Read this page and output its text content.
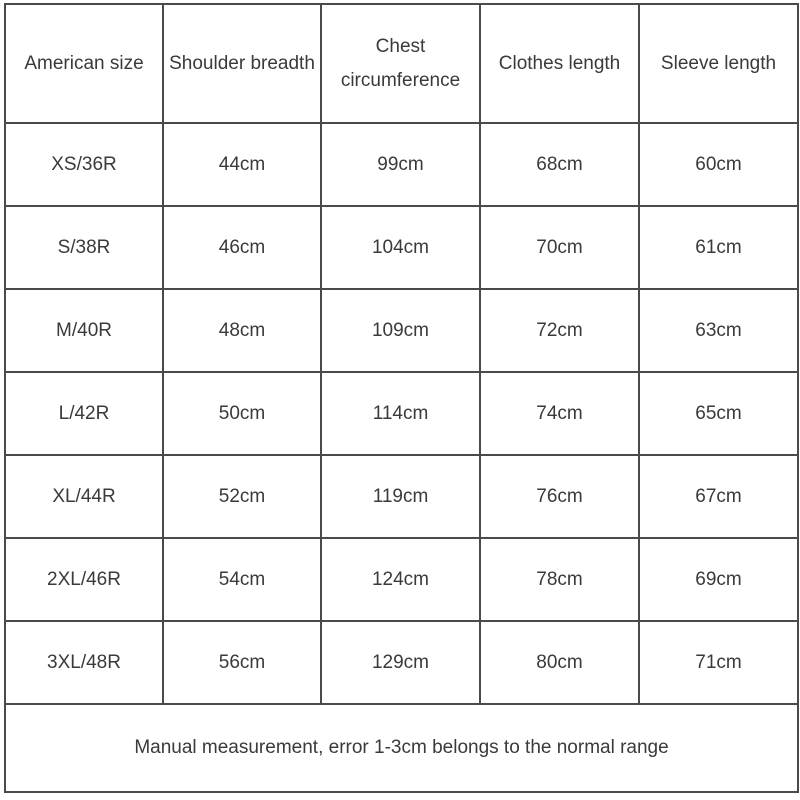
American size	Shoulder breadth	Chest circumference	Clothes length	Sleeve length
XS/36R	44cm	99cm	68cm	60cm
S/38R	46cm	104cm	70cm	61cm
M/40R	48cm	109cm	72cm	63cm
L/42R	50cm	114cm	74cm	65cm
XL/44R	52cm	119cm	76cm	67cm
2XL/46R	54cm	124cm	78cm	69cm
3XL/48R	56cm	129cm	80cm	71cm
Manual measurement, error 1-3cm belongs to the normal range				
